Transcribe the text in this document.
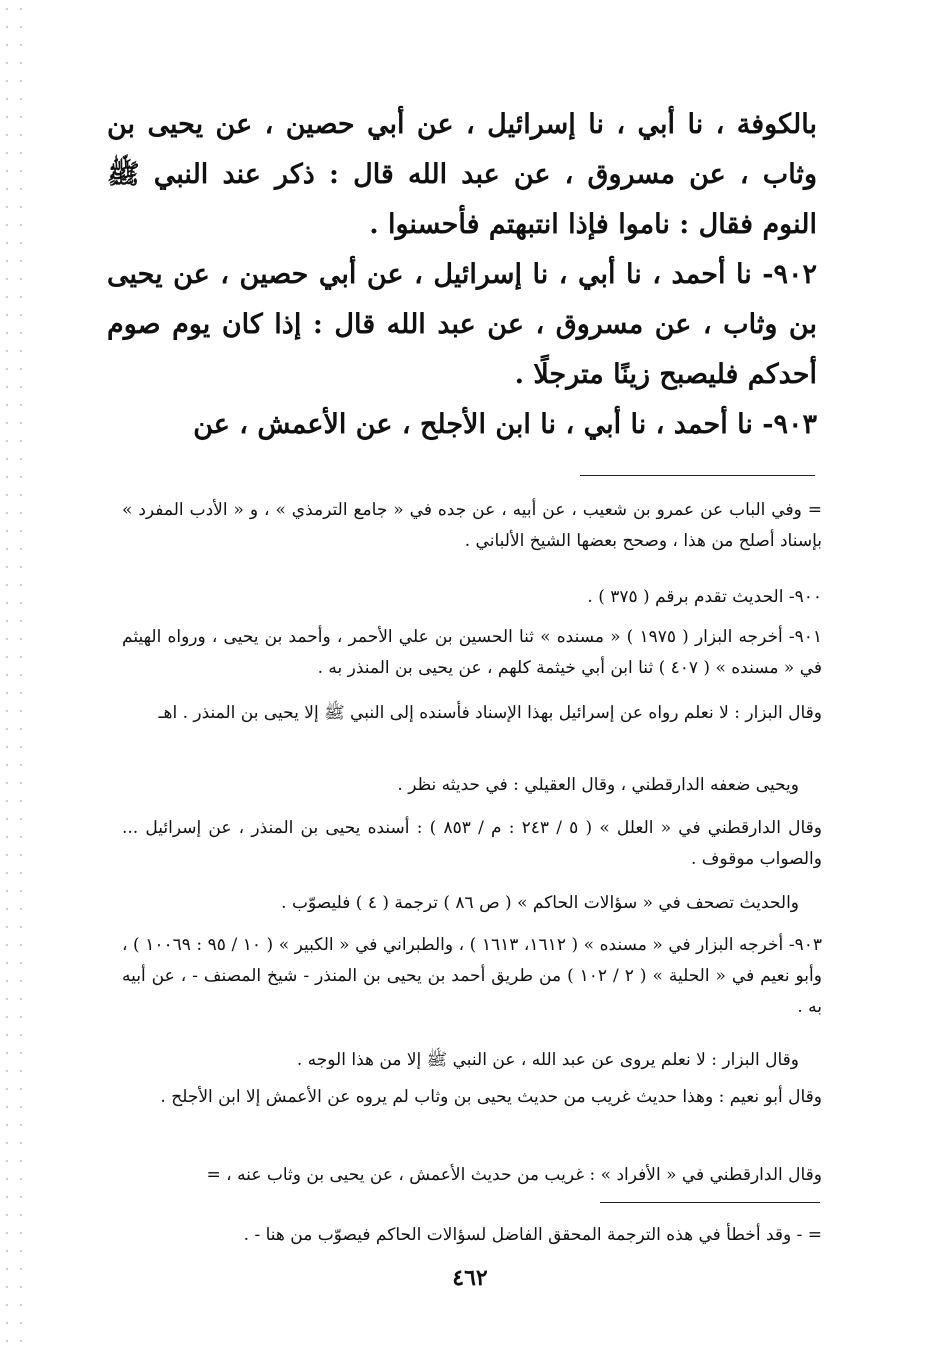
بالكوفة ، نا أبي ، نا إسرائيل ، عن أبي حصين ، عن يحيى بن وثاب ، عن مسروق ، عن عبد الله قال : ذكر عند النبي ﷺ النوم فقال : ناموا فإذا انتبهتم فأحسنوا .

٩٠٢- نا أحمد ، نا أبي ، نا إسرائيل ، عن أبي حصين ، عن يحيى بن وثاب ، عن مسروق ، عن عبد الله قال : إذا كان يوم صوم أحدكم فليصبح زينًا مترجلًا .

٩٠٣- نا أحمد ، نا أبي ، نا ابن الأجلح ، عن الأعمش ، عن

= وفي الباب عن عمرو بن شعيب ، عن أبيه ، عن جده في « جامع الترمذي » ، و « الأدب المفرد » بإسناد أصلح من هذا ، وصحح بعضها الشيخ الألباني .

٩٠٠- الحديث تقدم برقم ( ٣٧٥ ) .

٩٠١- أخرجه البزار ( ١٩٧٥ ) « مسنده » ثنا الحسين بن علي الأحمر ، وأحمد بن يحيى ، ورواه الهيثم في « مسنده » ( ٤٠٧ ) ثنا ابن أبي خيثمة كلهم ، عن يحيى بن المنذر به .

وقال البزار : لا نعلم رواه عن إسرائيل بهذا الإسناد فأسنده إلى النبي ﷺ إلا يحيى بن المنذر . اهـ

ويحيى ضعفه الدارقطني ، وقال العقيلي : في حديثه نظر .

وقال الدارقطني في « العلل » ( ٥ / ٢٤٣ : م / ٨٥٣ ) : أسنده يحيى بن المنذر ، عن إسرائيل ... والصواب موقوف .

والحديث تصحف في « سؤالات الحاكم » ( ص ٨٦ ) ترجمة ( ٤ ) فليصوّب .

٩٠٣- أخرجه البزار في « مسنده » ( ١٦١٢، ١٦١٣ ) ، والطبراني في « الكبير » ( ١٠ / ٩٥ : ١٠٠٦٩ ) ، وأبو نعيم في « الحلية » ( ٢ / ١٠٢ ) من طريق أحمد بن يحيى بن المنذر - شيخ المصنف - ، عن أبيه به .

وقال البزار : لا نعلم يروى عن عبد الله ، عن النبي ﷺ إلا من هذا الوجه .

وقال أبو نعيم : وهذا حديث غريب من حديث يحيى بن وثاب لم يروه عن الأعمش إلا ابن الأجلح .

وقال الدارقطني في « الأفراد » : غريب من حديث الأعمش ، عن يحيى بن وثاب عنه ، =

= - وقد أخطأ في هذه الترجمة المحقق الفاضل لسؤالات الحاكم فيصوّب من هنا - .

٤٦٢
